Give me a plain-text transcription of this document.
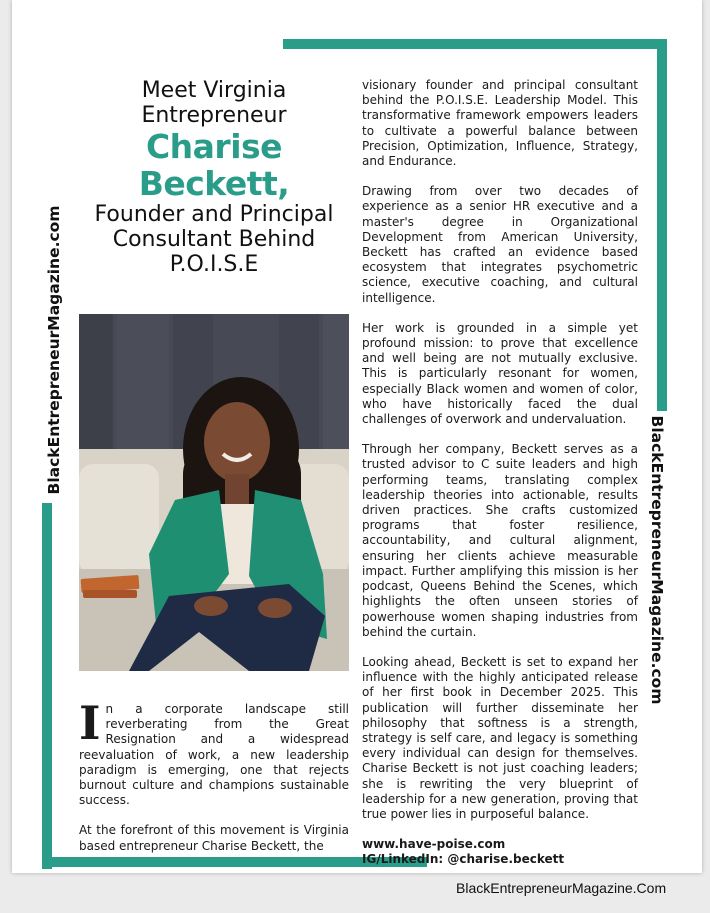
BlackEntrepreneurMagazine.com
BlackEntrepreneurMagazine.com
Meet Virginia
Entrepreneur
Charise
Beckett,
Founder and Principal
Consultant Behind
P.O.I.S.E

In a corporate landscape still reverberating from the Great Resignation and a widespread reevaluation of work, a new leadership paradigm is emerging, one that rejects burnout culture and champions sustainable success.

At the forefront of this movement is Virginia based entrepreneur Charise Beckett, the

visionary founder and principal consultant behind the P.O.I.S.E. Leadership Model. This transformative framework empowers leaders to cultivate a powerful balance between Precision, Optimization, Influence, Strategy, and Endurance.

Drawing from over two decades of experience as a senior HR executive and a master's degree in Organizational Development from American University, Beckett has crafted an evidence based ecosystem that integrates psychometric science, executive coaching, and cultural intelligence.

Her work is grounded in a simple yet profound mission: to prove that excellence and well being are not mutually exclusive. This is particularly resonant for women, especially Black women and women of color, who have historically faced the dual challenges of overwork and undervaluation.

Through her company, Beckett serves as a trusted advisor to C suite leaders and high performing teams, translating complex leadership theories into actionable, results driven practices. She crafts customized programs that foster resilience, accountability, and cultural alignment, ensuring her clients achieve measurable impact. Further amplifying this mission is her podcast, Queens Behind the Scenes, which highlights the often unseen stories of powerhouse women shaping industries from behind the curtain.

Looking ahead, Beckett is set to expand her influence with the highly anticipated release of her first book in December 2025. This publication will further disseminate her philosophy that softness is a strength, strategy is self care, and legacy is something every individual can design for themselves. Charise Beckett is not just coaching leaders; she is rewriting the very blueprint of leadership for a new generation, proving that true power lies in purposeful balance.

www.have-poise.com

IG/LinkedIn: @charise.beckett

BlackEntrepreneurMagazine.Com
